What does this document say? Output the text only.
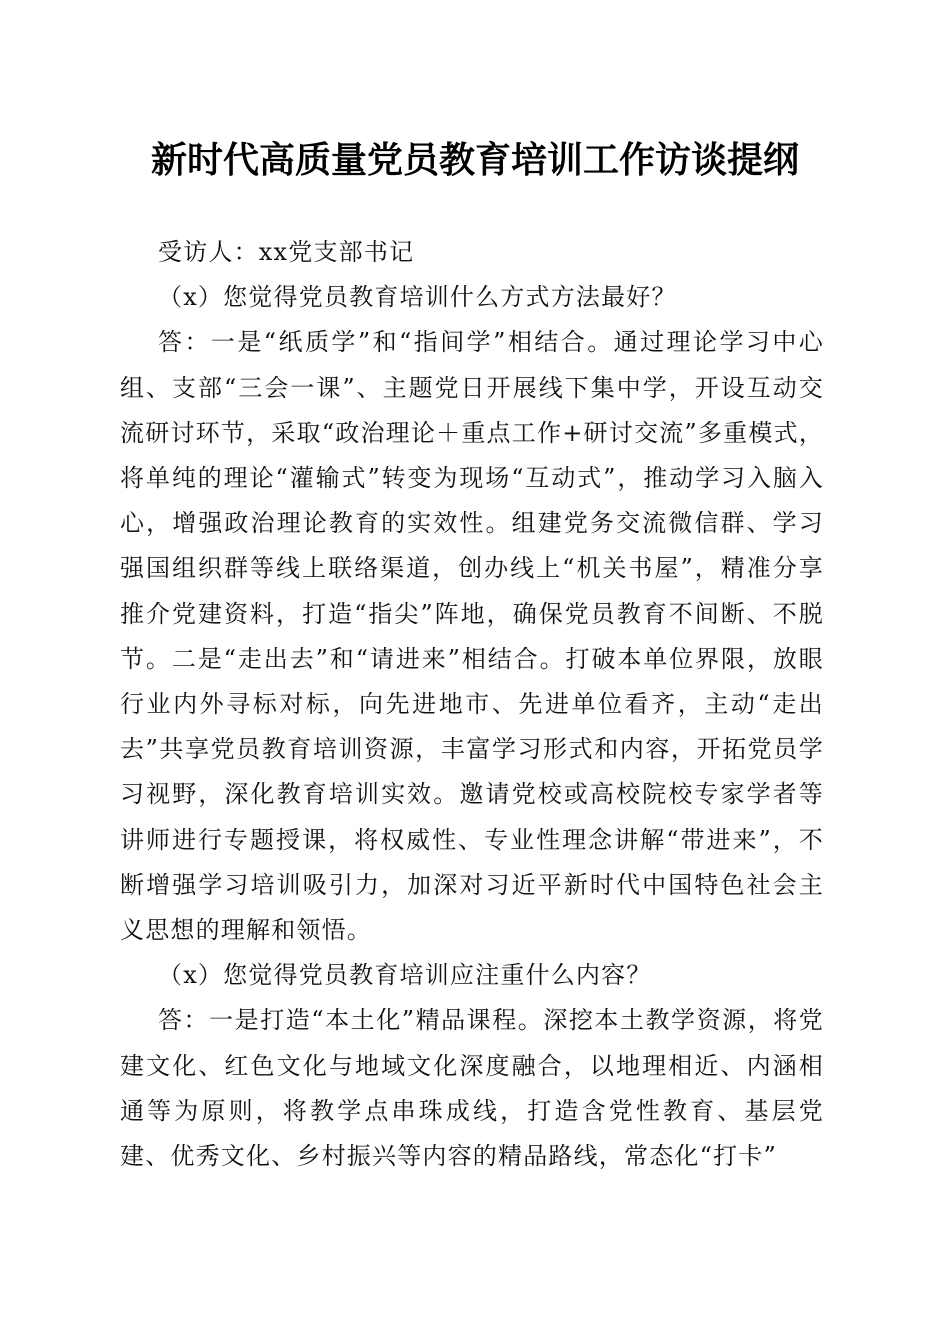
新时代高质量党员教育培训工作访谈提纲

受访人：xx党支部书记

（x）您觉得党员教育培训什么方式方法最好？

答：一是“纸质学”和“指间学”相结合。通过理论学习中心组、支部“三会一课”、主题党日开展线下集中学，开设互动交流研讨环节，采取“政治理论＋重点工作+研讨交流”多重模式，将单纯的理论“灌输式”转变为现场“互动式”，推动学习入脑入心，增强政治理论教育的实效性。组建党务交流微信群、学习强国组织群等线上联络渠道，创办线上“机关书屋”，精准分享推介党建资料，打造“指尖”阵地，确保党员教育不间断、不脱节。二是“走出去”和“请进来”相结合。打破本单位界限，放眼行业内外寻标对标，向先进地市、先进单位看齐，主动“走出去”共享党员教育培训资源，丰富学习形式和内容，开拓党员学习视野，深化教育培训实效。邀请党校或高校院校专家学者等讲师进行专题授课，将权威性、专业性理念讲解“带进来”，不断增强学习培训吸引力，加深对习近平新时代中国特色社会主义思想的理解和领悟。

（x）您觉得党员教育培训应注重什么内容？

答：一是打造“本土化”精品课程。深挖本土教学资源，将党建文化、红色文化与地域文化深度融合，以地理相近、内涵相通等为原则，将教学点串珠成线，打造含党性教育、基层党建、优秀文化、乡村振兴等内容的精品路线，常态化“打卡”
